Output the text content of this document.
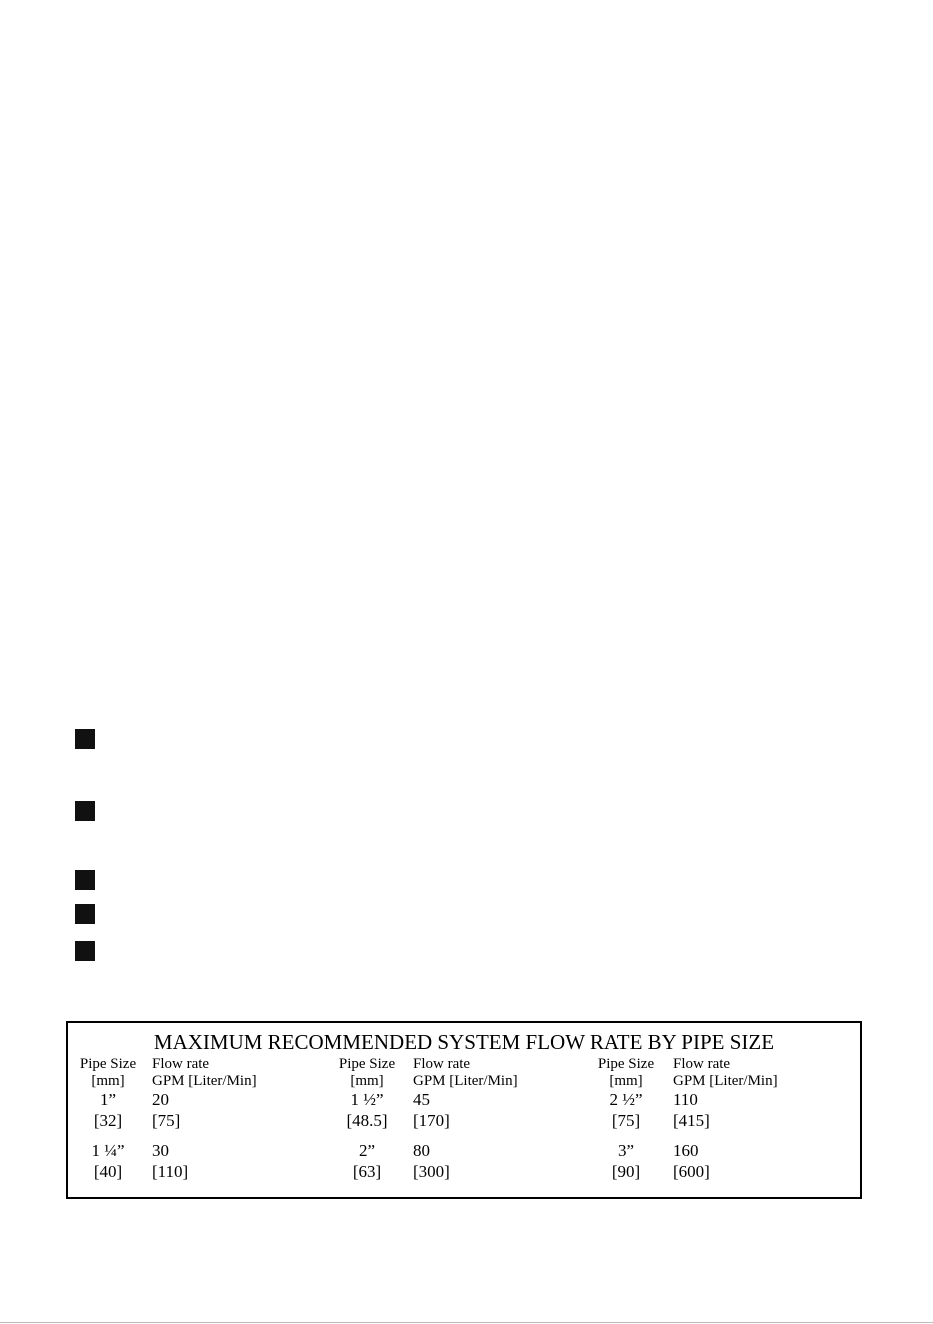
MAXIMUM RECOMMENDED SYSTEM FLOW RATE BY PIPE SIZE
Pipe Size
[mm]
Flow rate
GPM [Liter/Min]
1”
[32]
20
[75]
1 ¼”
[40]
30
[110]
Pipe Size
[mm]
Flow rate
GPM [Liter/Min]
1 ½”
[48.5]
45
[170]
2”
[63]
80
[300]
Pipe Size
[mm]
Flow rate
GPM [Liter/Min]
2 ½”
[75]
110
[415]
3”
[90]
160
[600]
